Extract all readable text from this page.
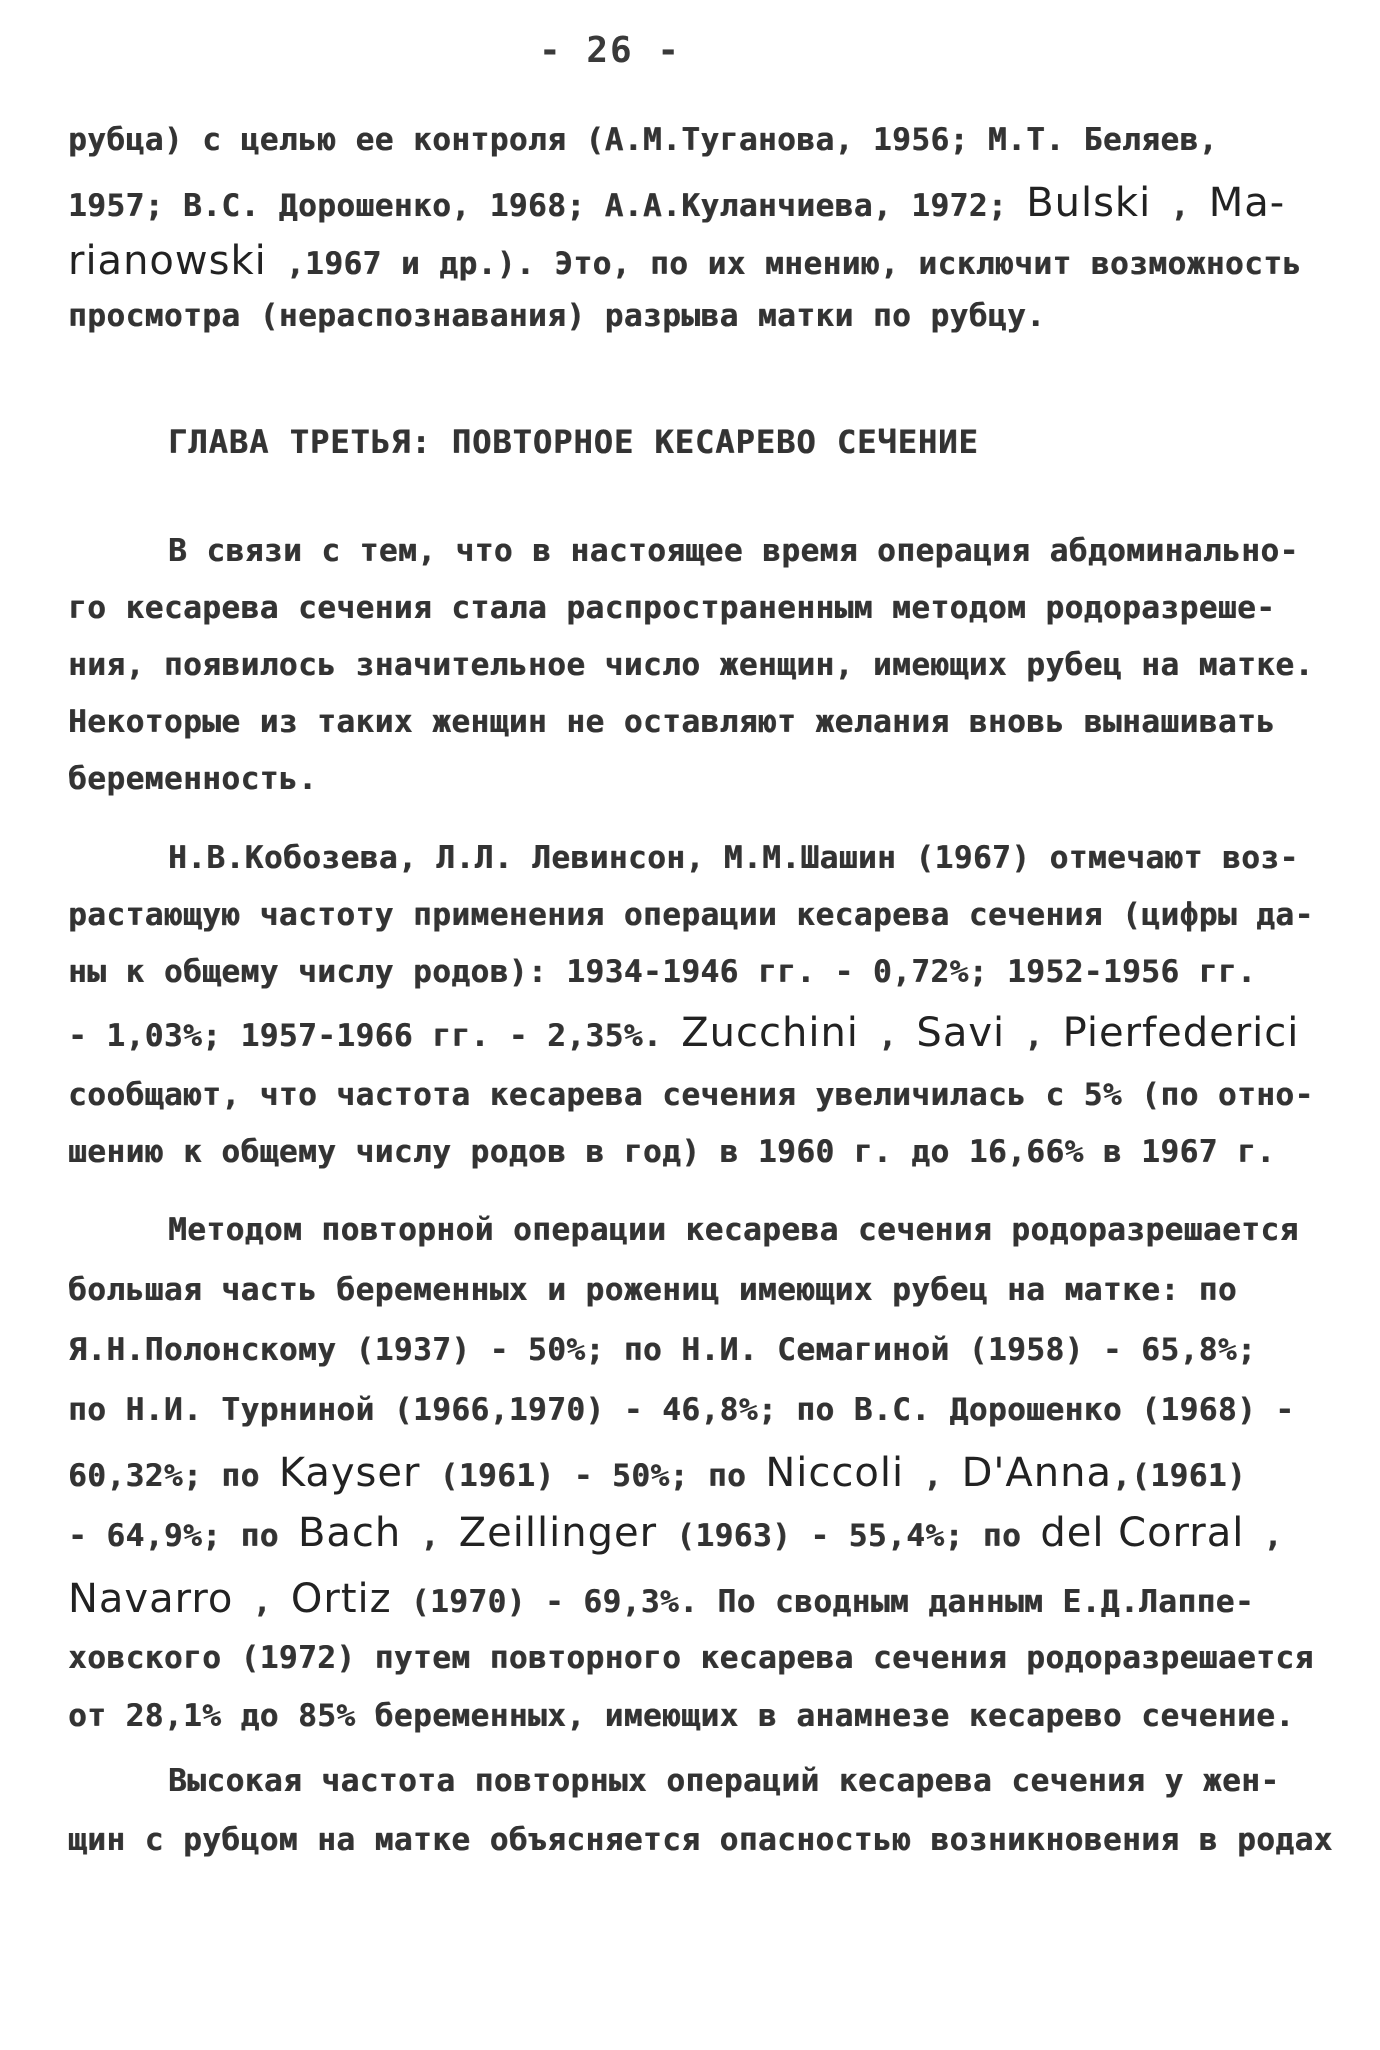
- 26 -
рубца) с целью ее контроля (А.М.Туганова, 1956; М.Т. Беляев,
1957; В.С. Дорошенко, 1968; А.А.Куланчиева, 1972; Bulski , Ma-
rianowski ,1967 и др.). Это, по их мнению, исключит возможность
просмотра (нераспознавания) разрыва матки по рубцу.
ГЛАВА ТРЕТЬЯ: ПОВТОРНОЕ КЕСАРЕВО СЕЧЕНИЕ
В связи с тем, что в настоящее время операция абдоминально-
го кесарева сечения стала распространенным методом родоразреше-
ния, появилось значительное число женщин, имеющих рубец на матке.
Некоторые из таких женщин не оставляют желания вновь вынашивать
беременность.
Н.В.Кобозева, Л.Л. Левинсон, М.М.Шашин (1967) отмечают воз-
растающую частоту применения операции кесарева сечения (цифры да-
ны к общему числу родов): 1934-1946 гг. - 0,72%; 1952-1956 гг.
- 1,03%; 1957-1966 гг. - 2,35%. Zucchini , Savi , Pierfederici
сообщают, что частота кесарева сечения увеличилась с 5% (по отно-
шению к общему числу родов в год) в 1960 г. до 16,66% в 1967 г.
Методом повторной операции кесарева сечения родоразрешается
большая часть беременных и рожениц имеющих рубец на матке: по
Я.Н.Полонскому (1937) - 50%; по Н.И. Семагиной (1958) - 65,8%;
по Н.И. Турниной (1966,1970) - 46,8%; по В.С. Дорошенко (1968) -
60,32%; по Kayser (1961) - 50%; по Niccoli , D'Anna,(1961)
- 64,9%; по Bach , Zeillinger (1963) - 55,4%; по del Corral ,
Navarro , Ortiz (1970) - 69,3%. По сводным данным Е.Д.Лаппе-
ховского (1972) путем повторного кесарева сечения родоразрешается
от 28,1% до 85% беременных, имеющих в анамнезе кесарево сечение.
Высокая частота повторных операций кесарева сечения у жен-
щин с рубцом на матке объясняется опасностью возникновения в родах
